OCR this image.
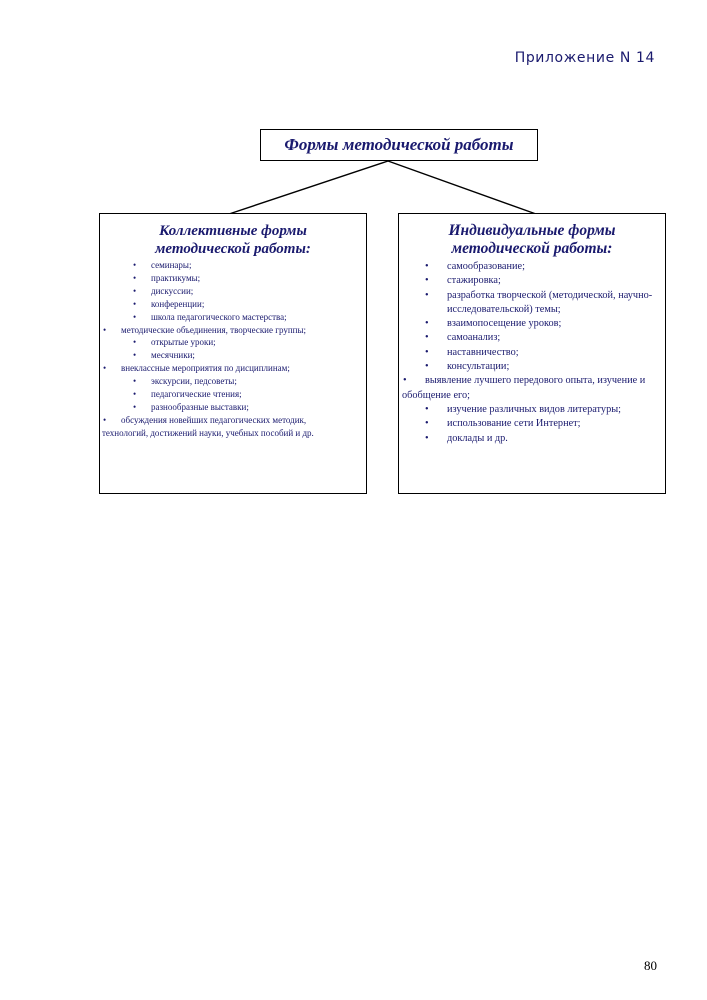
Приложение N 14
Формы методической работы
Коллективные формы
методической работы:
• семинары;
• практикумы;
• дискуссии;
• конференции;
• школа педагогического мастерства;
• методические объединения, творческие группы;
• открытые уроки;
• месячники;
• внеклассные мероприятия по дисциплинам;
• экскурсии, педсоветы;
• педагогические чтения;
• разнообразные выставки;
• обсуждения новейших педагогических методик, технологий, достижений науки, учебных пособий и др.
Индивидуальные формы
методической работы:
• самообразование;
• стажировка;
• разработка творческой (методической, научно-исследовательской) темы;
• взаимопосещение уроков;
• самоанализ;
• наставничество;
• консультации;
• выявление лучшего передового опыта, изучение и обобщение его;
• изучение различных видов литературы;
• использование сети Интернет;
• доклады и др.
80
